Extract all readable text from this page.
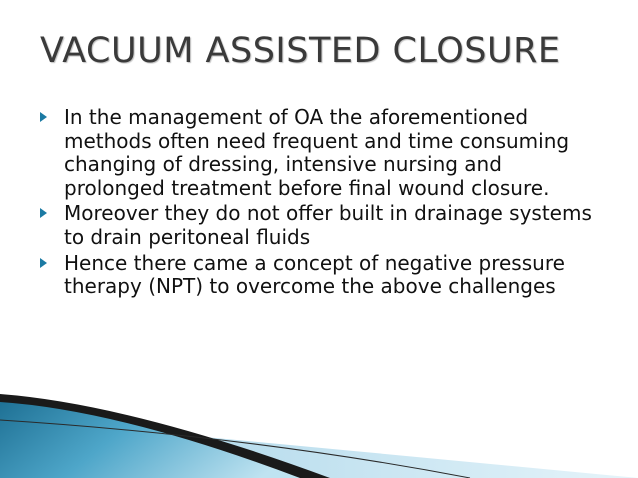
VACUUM ASSISTED CLOSURE
In the management of OA the aforementioned methods often need frequent and time consuming changing of dressing, intensive nursing and prolonged treatment before final wound closure.
Moreover they do not offer built in drainage systems to drain peritoneal fluids
Hence there came a concept of negative pressure therapy (NPT) to overcome the above challenges
